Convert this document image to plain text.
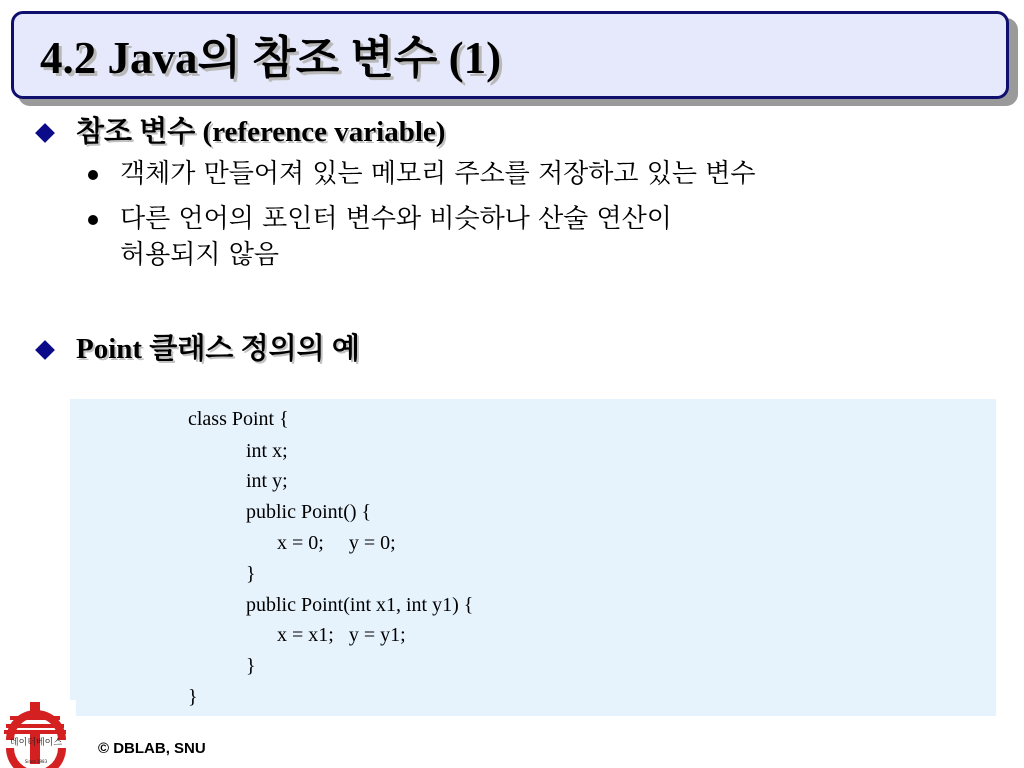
4.2 Java의 참조 변수 (1)
참조 변수 (reference variable)
객체가 만들어져 있는 메모리 주소를 저장하고 있는 변수
다른 언어의 포인터 변수와 비슷하나 산술 연산이
허용되지 않음
Point 클래스 정의의 예
class Point {
int x;
int y;
public Point() {
x = 0;     y = 0;
}
public Point(int x1, int y1) {
x = x1;   y = y1;
}
}
데이터베이스
Since 1983
© DBLAB, SNU
